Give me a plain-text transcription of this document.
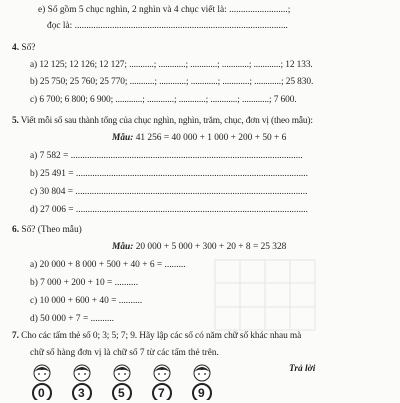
e) Số gồm 5 chục nghìn, 2 nghìn và 4 chục viết là: .........................;
đọc là: ...........................................................................................
4. Số?
a) 12 125; 12 126; 12 127; ...........; ............; ............; ............; ............; 12 133.
b) 25 750; 25 760; 25 770; ...........; ............; ............; ............; ............; 25 830.
c) 6 700; 6 800; 6 900; ............; ............; ............; ............; ............; 7 600.
5. Viết mỗi số sau thành tổng của chục nghìn, nghìn, trăm, chục, đơn vị (theo mẫu):
Mẫu: 41 256 = 40 000 + 1 000 + 200 + 50 + 6
a) 7 582 = ...................................................................................................
b) 25 491 = ...................................................................................................
c) 30 804 = ...................................................................................................
d) 27 006 = ...................................................................................................
6. Số? (Theo mẫu)
Mẫu: 20 000 + 5 000 + 300 + 20 + 8 = 25 328
a) 20 000 + 8 000 + 500 + 40 + 6 = .........
b) 7 000 + 200 + 10 = ..........
c) 10 000 + 600 + 40 = ..........
d) 50 000 + 7 = ..........
7. Cho các tấm thẻ số 0; 3; 5; 7; 9. Hãy lập các số có năm chữ số khác nhau mà
chữ số hàng đơn vị là chữ số 7 từ các tấm thẻ trên.
Trả lời
0	3	5	7	9
